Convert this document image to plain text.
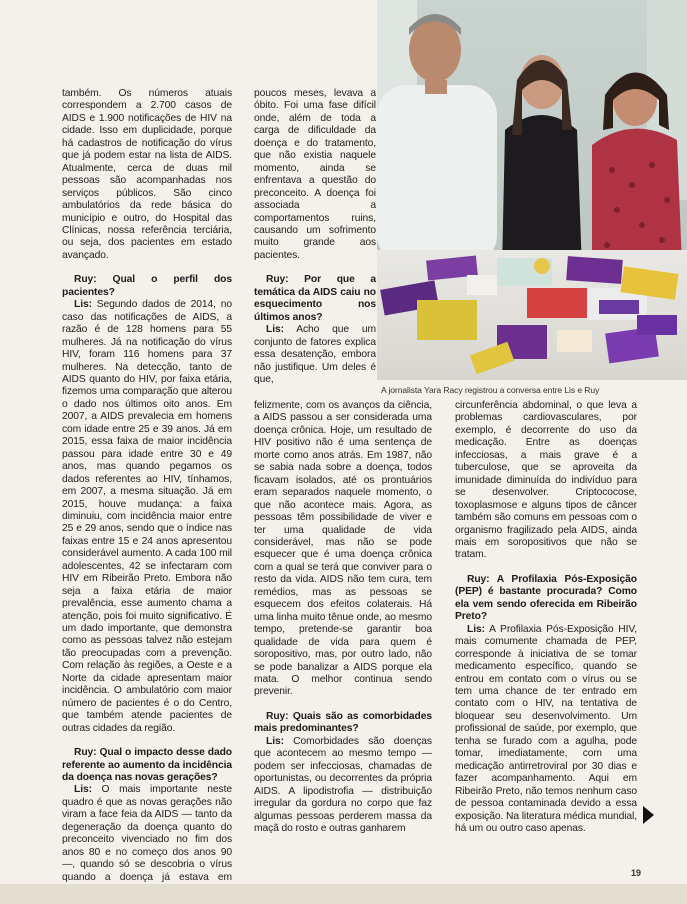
também. Os números atuais correspondem a 2.700 casos de AIDS e 1.900 notificações de HIV na cidade. Isso em duplicidade, porque há cadastros de notificação do vírus que já podem estar na lista de AIDS. Atualmente, cerca de duas mil pessoas são acompanhadas nos serviços públicos. São cinco ambulatórios da rede básica do município e outro, do Hospital das Clínicas, nossa referência terciária, ou seja, dos pacientes em estado avançado.

Ruy: Qual o perfil dos pacientes?
Lis: Segundo dados de 2014, no caso das notificações de AIDS, a razão é de 128 homens para 55 mulheres. Já na notificação do vírus HIV, foram 116 homens para 37 mulheres. Na detecção, tanto de AIDS quanto do HIV, por faixa etária, fizemos uma comparação que alterou o dado nos últimos oito anos. Em 2007, a AIDS prevalecia em homens com idade entre 25 e 39 anos. Já em 2015, essa faixa de maior incidência passou para idade entre 30 e 49 anos, mas quando pegamos os dados referentes ao HIV, tínhamos, em 2007, a mesma situação. Já em 2015, houve mudança: a faixa diminuiu, com incidência maior entre 25 e 29 anos, sendo que o índice nas faixas entre 15 e 24 anos apresentou considerável aumento. A cada 100 mil adolescentes, 42 se infectaram com HIV em Ribeirão Preto. Embora não seja a faixa etária de maior prevalência, esse aumento chama a atenção, pois foi muito significativo. É um dado importante, que demonstra como as pessoas talvez não estejam tão preocupadas com a prevenção. Com relação às regiões, a Oeste e a Norte da cidade apresentam maior incidência. O ambulatório com maior número de pacientes é o do Centro, que também atende pacientes de outras cidades da região.

Ruy: Qual o impacto desse dado referente ao aumento da incidência da doença nas novas gerações?
Lis: O mais importante neste quadro é que as novas gerações não viram a face feia da AIDS — tanto da degeneração da doença quanto do preconceito vivenciado no fim dos anos 80 e no começo dos anos 90 —, quando só se descobria o vírus quando a doença já estava em

poucos meses, levava a óbito. Foi uma fase difícil onde, além de toda a carga de dificuldade da doença e do tratamento, que não existia naquele momento, ainda se enfrentava a questão do preconceito. A doença foi associada a comportamentos ruins, causando um sofrimento muito grande aos pacientes.

Ruy: Por que a temática da AIDS caiu no esquecimento nos últimos anos?
Lis: Acho que um conjunto de fatores explica essa desatenção, embora não justifique. Um deles é que,

felizmente, com os avanços da ciência, a AIDS passou a ser considerada uma doença crônica. Hoje, um resultado de HIV positivo não é uma sentença de morte como anos atrás. Em 1987, não se sabia nada sobre a doença, todos ficavam isolados, até os prontuários eram separados naquele momento, o que não acontece mais. Agora, as pessoas têm possibilidade de viver e ter uma qualidade de vida considerável, mas não se pode esquecer que é uma doença crônica com a qual se terá que conviver para o resto da vida. AIDS não tem cura, tem remédios, mas as pessoas se esquecem dos efeitos colaterais. Há uma linha muito tênue onde, ao mesmo tempo, pretende-se garantir boa qualidade de vida para quem é soropositivo, mas, por outro lado, não se pode banalizar a AIDS porque ela mata. O melhor continua sendo prevenir.

Ruy: Quais são as comorbidades mais predominantes?
Lis: Comorbidades são doenças que acontecem ao mesmo tempo — podem ser infecciosas, chamadas de oportunistas, ou decorrentes da própria AIDS. A lipodistrofia — distribuição irregular da gordura no corpo que faz algumas pessoas perderem massa da maçã do rosto e outras ganharem

circunferência abdominal, o que leva a problemas cardiovasculares, por exemplo, é decorrente do uso da medicação. Entre as doenças infecciosas, a mais grave é a tuberculose, que se aproveita da imunidade diminuída do indivíduo para se desenvolver. Criptococose, toxoplasmose e alguns tipos de câncer também são comuns em pessoas com o organismo fragilizado pela AIDS, ainda mais em soropositivos que não se tratam.

Ruy: A Profilaxia Pós-Exposição (PEP) é bastante procurada? Como ela vem sendo oferecida em Ribeirão Preto?
Lis: A Profilaxia Pós-Exposição HIV, mais comumente chamada de PEP, corresponde à iniciativa de se tomar medicamento específico, quando se entrou em contato com o vírus ou se tem uma chance de ter entrado em contato com o HIV, na tentativa de bloquear seu desenvolvimento. Um profissional de saúde, por exemplo, que tenha se furado com a agulha, pode tomar, imediatamente, com uma medicação antirretroviral por 30 dias e fazer acompanhamento. Aqui em Ribeirão Preto, não temos nenhum caso de pessoa contaminada devido a essa exposição. Na literatura médica mundial, há um ou outro caso apenas.

A jornalista Yara Racy registrou a conversa entre Lis e Ruy
19
